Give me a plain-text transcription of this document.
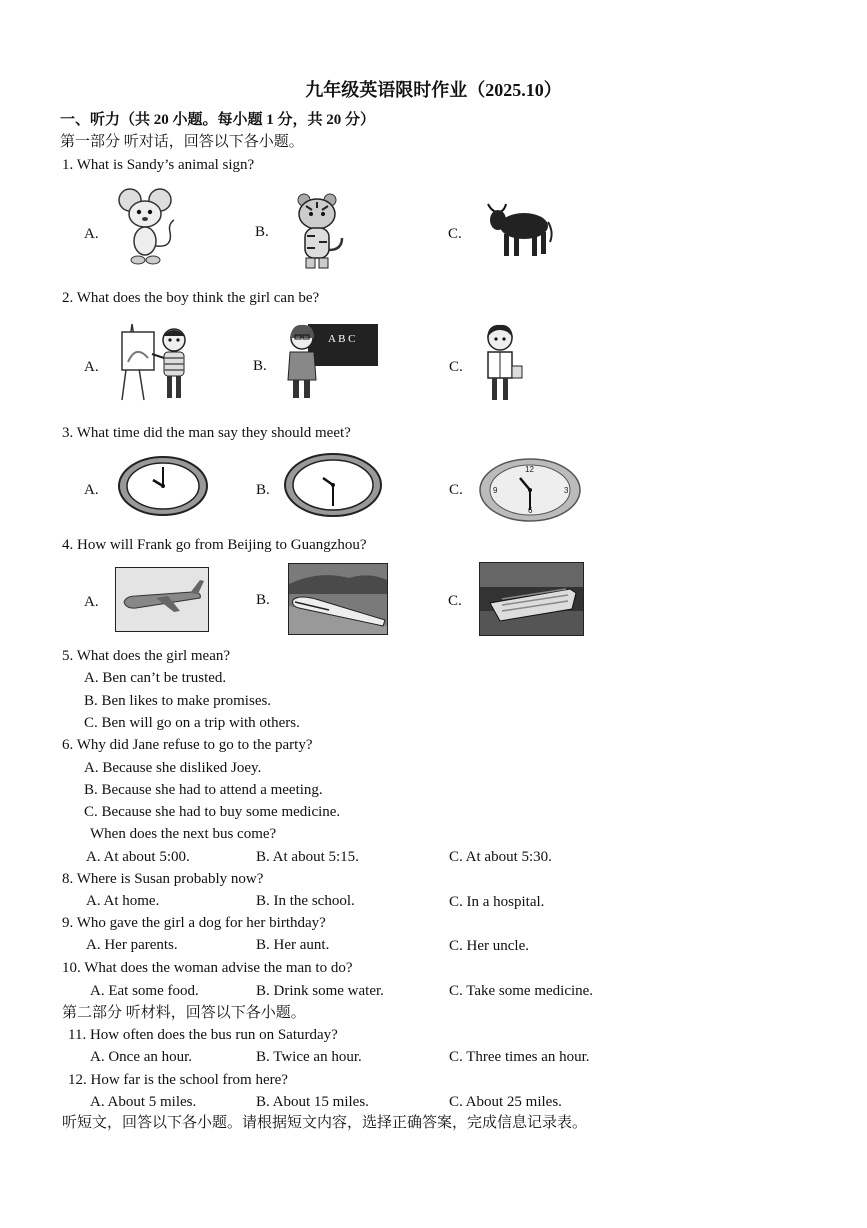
九年级英语限时作业（2025.10）
一、听力（共 20 小题。每小题 1 分，共 20 分）
第一部分 听对话，回答以下各小题。
1. What is Sandy’s animal sign?
A.	B.	C.
2. What does the boy think the girl can be?
A.	B.	C.
A B C
3. What time did the man say they should meet?
A.	B.	C.
12
3
6
9
4. How will Frank go from Beijing to Guangzhou?
A.	B.	C.
5. What does the girl mean?
A. Ben can’t be trusted.
B. Ben likes to make promises.
C. Ben will go on a trip with others.
6. Why did Jane refuse to go to the party?
A. Because she disliked Joey.
B. Because she had to attend a meeting.
C. Because she had to buy some medicine.
When does the next bus come?
A. At about 5:00.	B. At about 5:15.	C. At about 5:30.
8. Where is Susan probably now?
A. At home.	B. In the school.	C. In a hospital.
9. Who gave the girl a dog for her birthday?
A. Her parents.	B. Her aunt.	C. Her uncle.
10. What does the woman advise the man to do?
A. Eat some food.	B. Drink some water.	C. Take some medicine.
第二部分 听材料，回答以下各小题。
11. How often does the bus run on Saturday?
A. Once an hour.	B. Twice an hour.	C. Three times an hour.
12. How far is the school from here?
A. About 5 miles.	B. About 15 miles.	C. About 25 miles.
听短文，回答以下各小题。请根据短文内容，选择正确答案，完成信息记录表。
